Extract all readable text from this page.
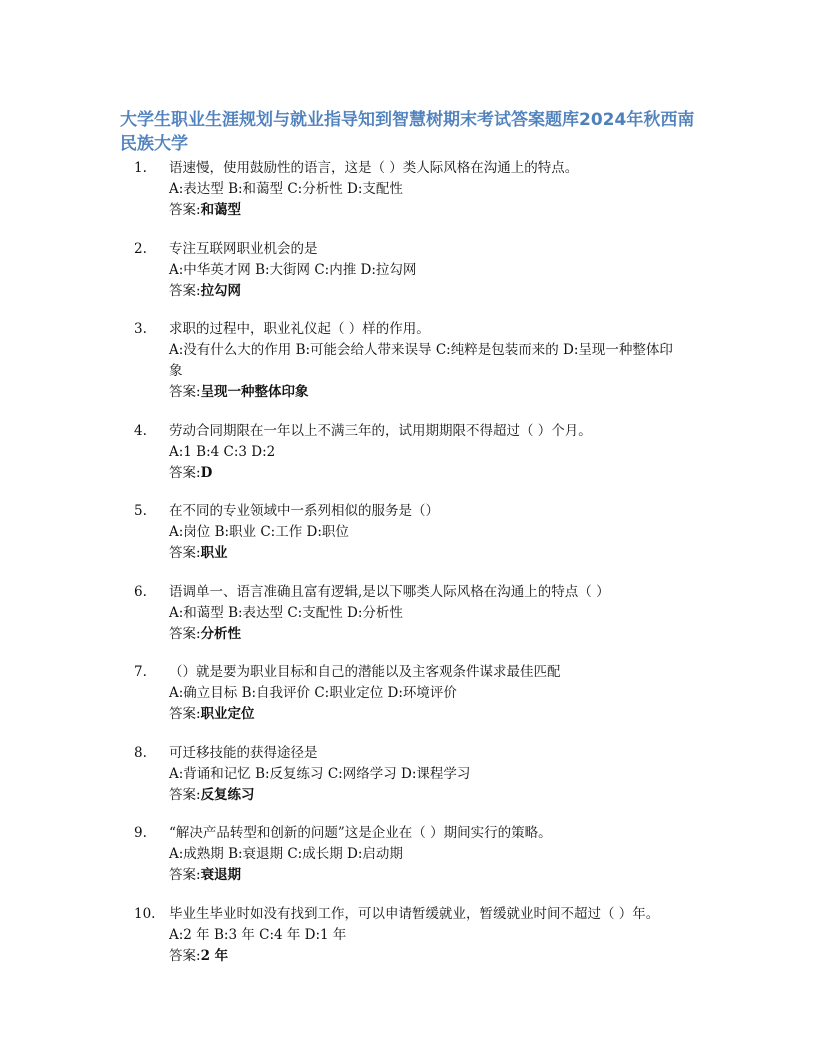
大学生职业生涯规划与就业指导知到智慧树期末考试答案题库2024年秋西南民族大学
1. 语速慢，使用鼓励性的语言，这是（ ）类人际风格在沟通上的特点。
A:表达型 B:和蔼型 C:分析性 D:支配性
答案:和蔼型
2. 专注互联网职业机会的是
A:中华英才网 B:大街网 C:内推 D:拉勾网
答案:拉勾网
3. 求职的过程中，职业礼仪起（ ）样的作用。
A:没有什么大的作用 B:可能会给人带来误导 C:纯粹是包装而来的 D:呈现一种整体印象
答案:呈现一种整体印象
4. 劳动合同期限在一年以上不满三年的，试用期期限不得超过（ ）个月。
A:1 B:4 C:3 D:2
答案:D
5. 在不同的专业领域中一系列相似的服务是（）
A:岗位 B:职业 C:工作 D:职位
答案:职业
6. 语调单一、语言准确且富有逻辑,是以下哪类人际风格在沟通上的特点（ ）
A:和蔼型 B:表达型 C:支配性 D:分析性
答案:分析性
7. （）就是要为职业目标和自己的潜能以及主客观条件谋求最佳匹配
A:确立目标 B:自我评价 C:职业定位 D:环境评价
答案:职业定位
8. 可迁移技能的获得途径是
A:背诵和记忆 B:反复练习 C:网络学习 D:课程学习
答案:反复练习
9. “解决产品转型和创新的问题”这是企业在（ ）期间实行的策略。
A:成熟期 B:衰退期 C:成长期 D:启动期
答案:衰退期
10. 毕业生毕业时如没有找到工作，可以申请暂缓就业，暂缓就业时间不超过（ ）年。
A:2 年 B:3 年 C:4 年 D:1 年
答案:2 年
